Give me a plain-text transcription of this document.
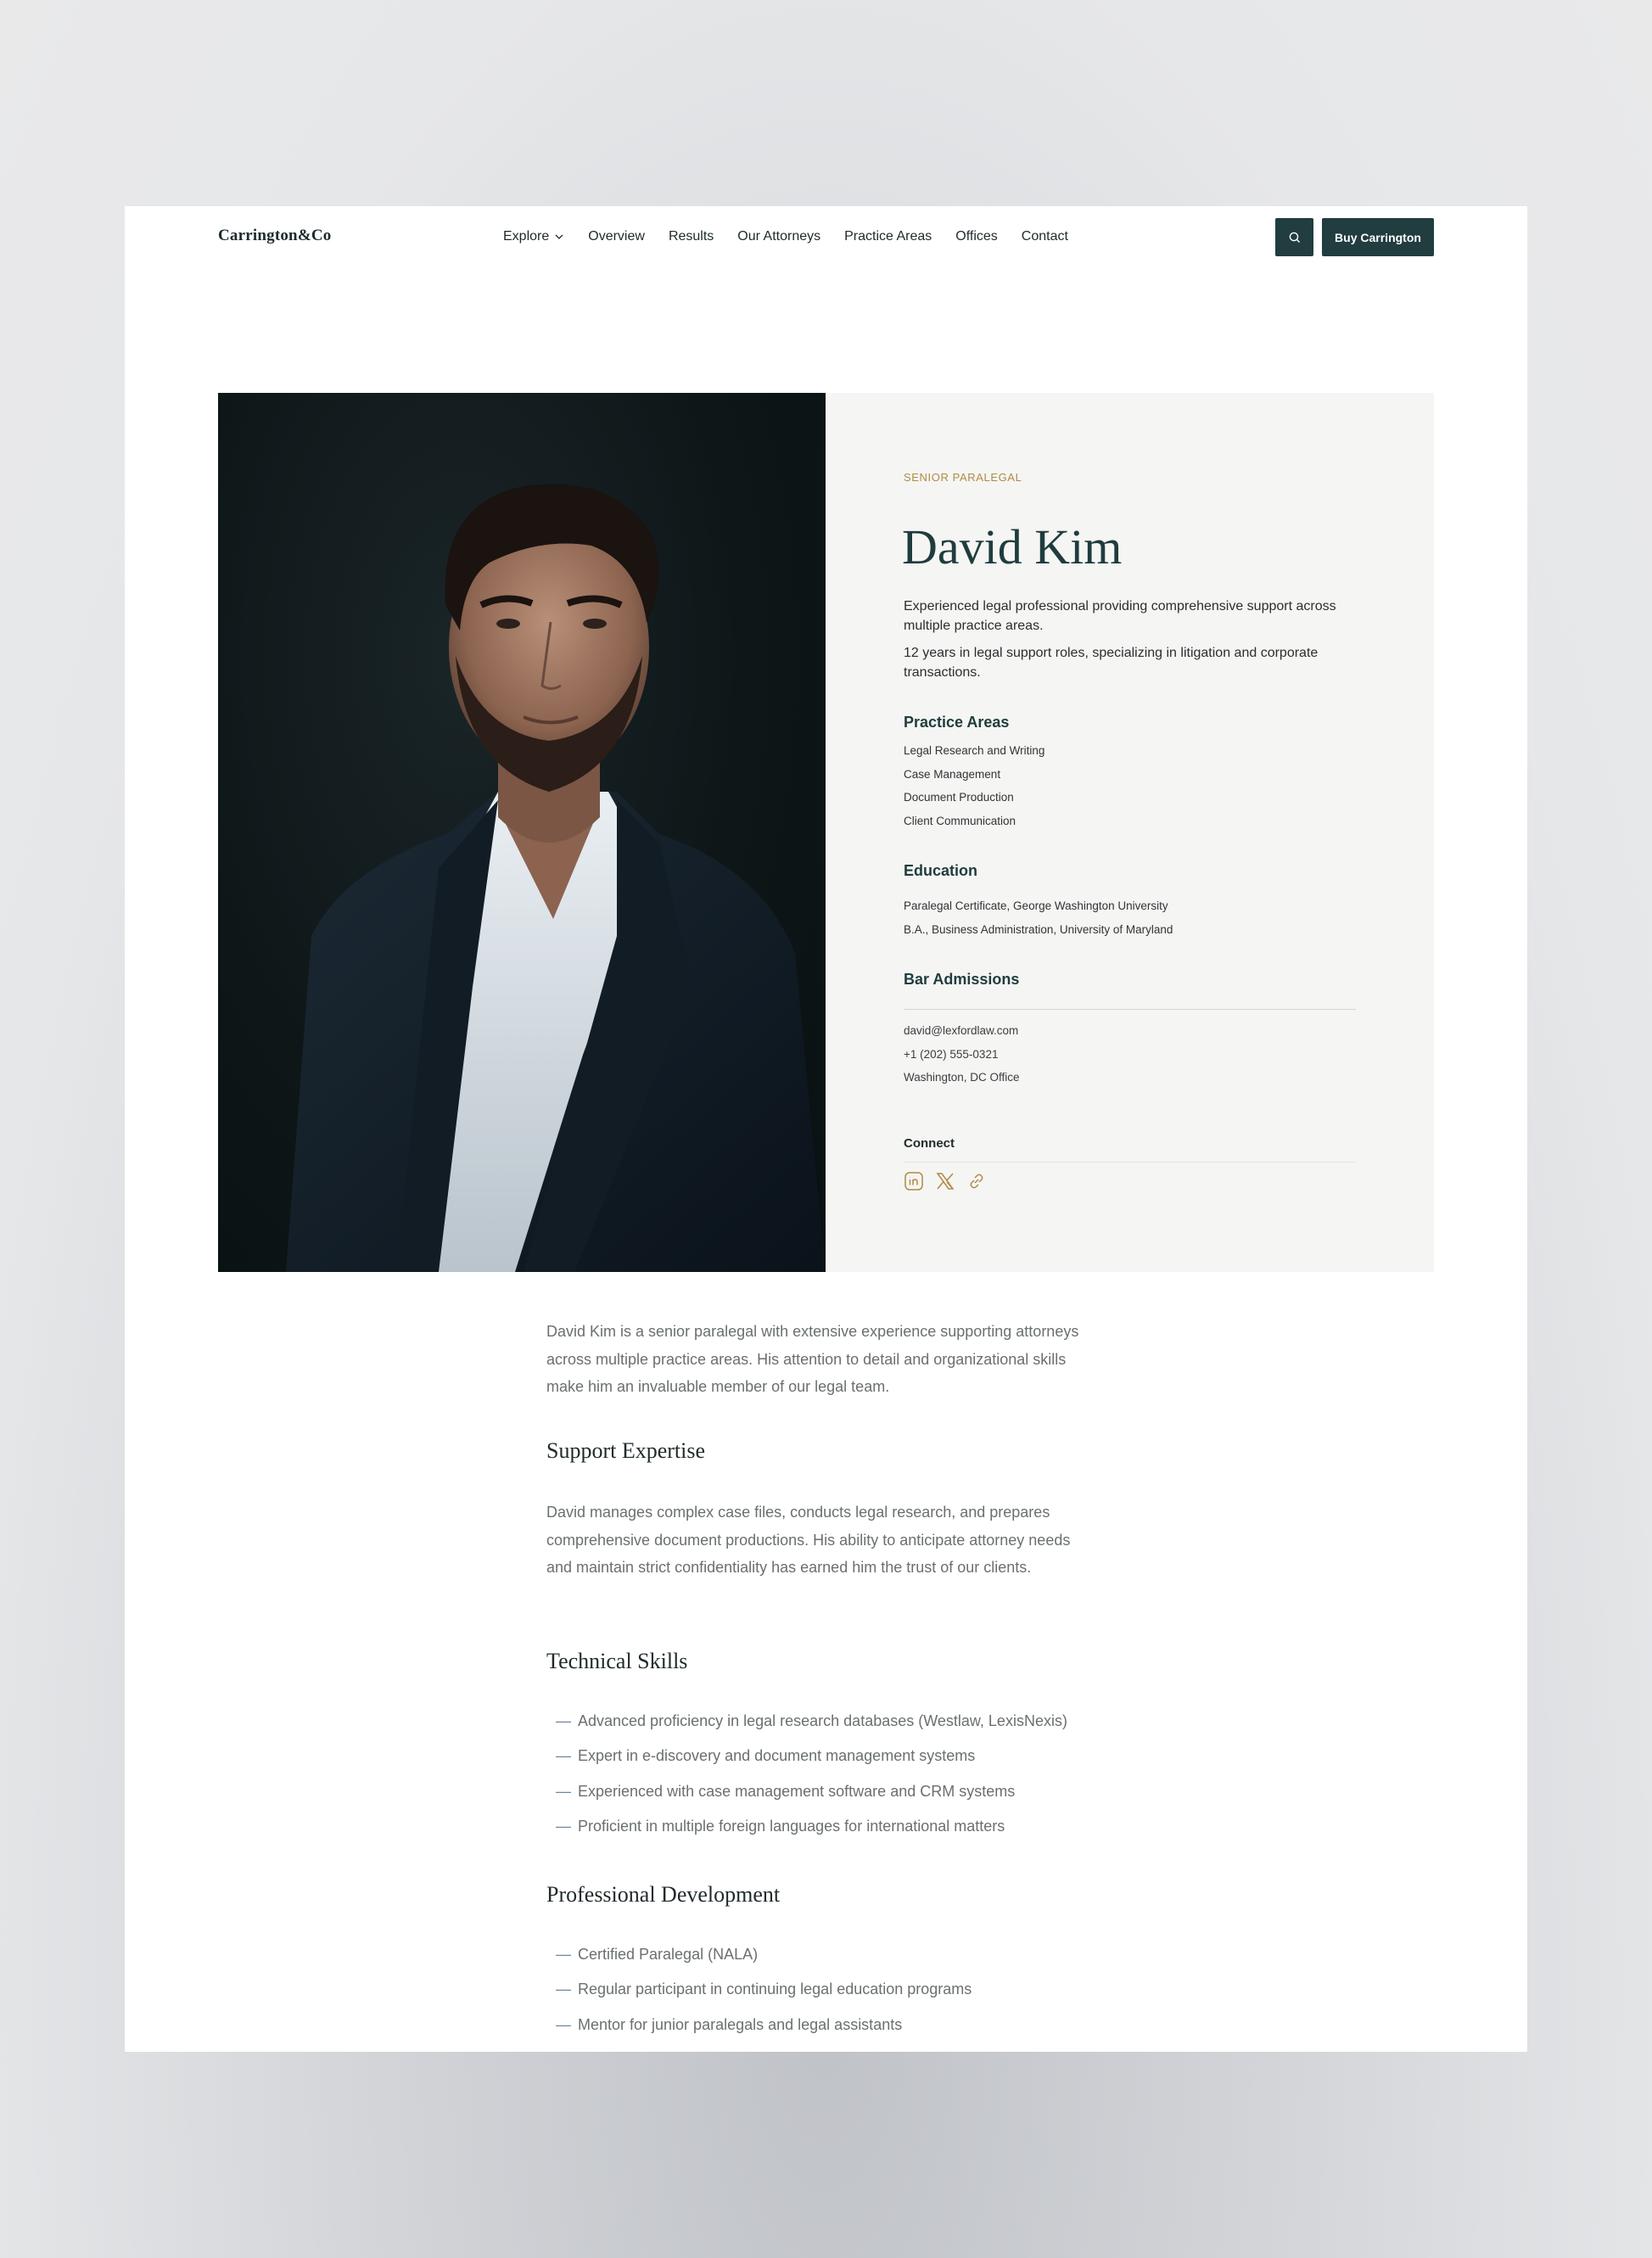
Carrington&Co	Explore	Overview Results Our Attorneys Practice Areas Offices Contact	Buy Carrington
SENIOR PARALEGAL
David Kim

Experienced legal professional providing comprehensive support across multiple practice areas.

12 years in legal support roles, specializing in litigation and corporate transactions.

Practice Areas
Legal Research and Writing
Case Management
Document Production
Client Communication
Education
Paralegal Certificate, George Washington University
B.A., Business Administration, University of Maryland
Bar Admissions
david@lexfordlaw.com
+1 (202) 555-0321
Washington, DC Office
Connect

David Kim is a senior paralegal with extensive experience supporting attorneys across multiple practice areas. His attention to detail and organizational skills make him an invaluable member of our legal team.

Support Expertise

David manages complex case files, conducts legal research, and prepares comprehensive document productions. His ability to anticipate attorney needs and maintain strict confidentiality has earned him the trust of our clients.

Technical Skills
— Advanced proficiency in legal research databases (Westlaw, LexisNexis)
— Expert in e-discovery and document management systems
— Experienced with case management software and CRM systems
— Proficient in multiple foreign languages for international matters
Professional Development
— Certified Paralegal (NALA)
— Regular participant in continuing legal education programs
— Mentor for junior paralegals and legal assistants
